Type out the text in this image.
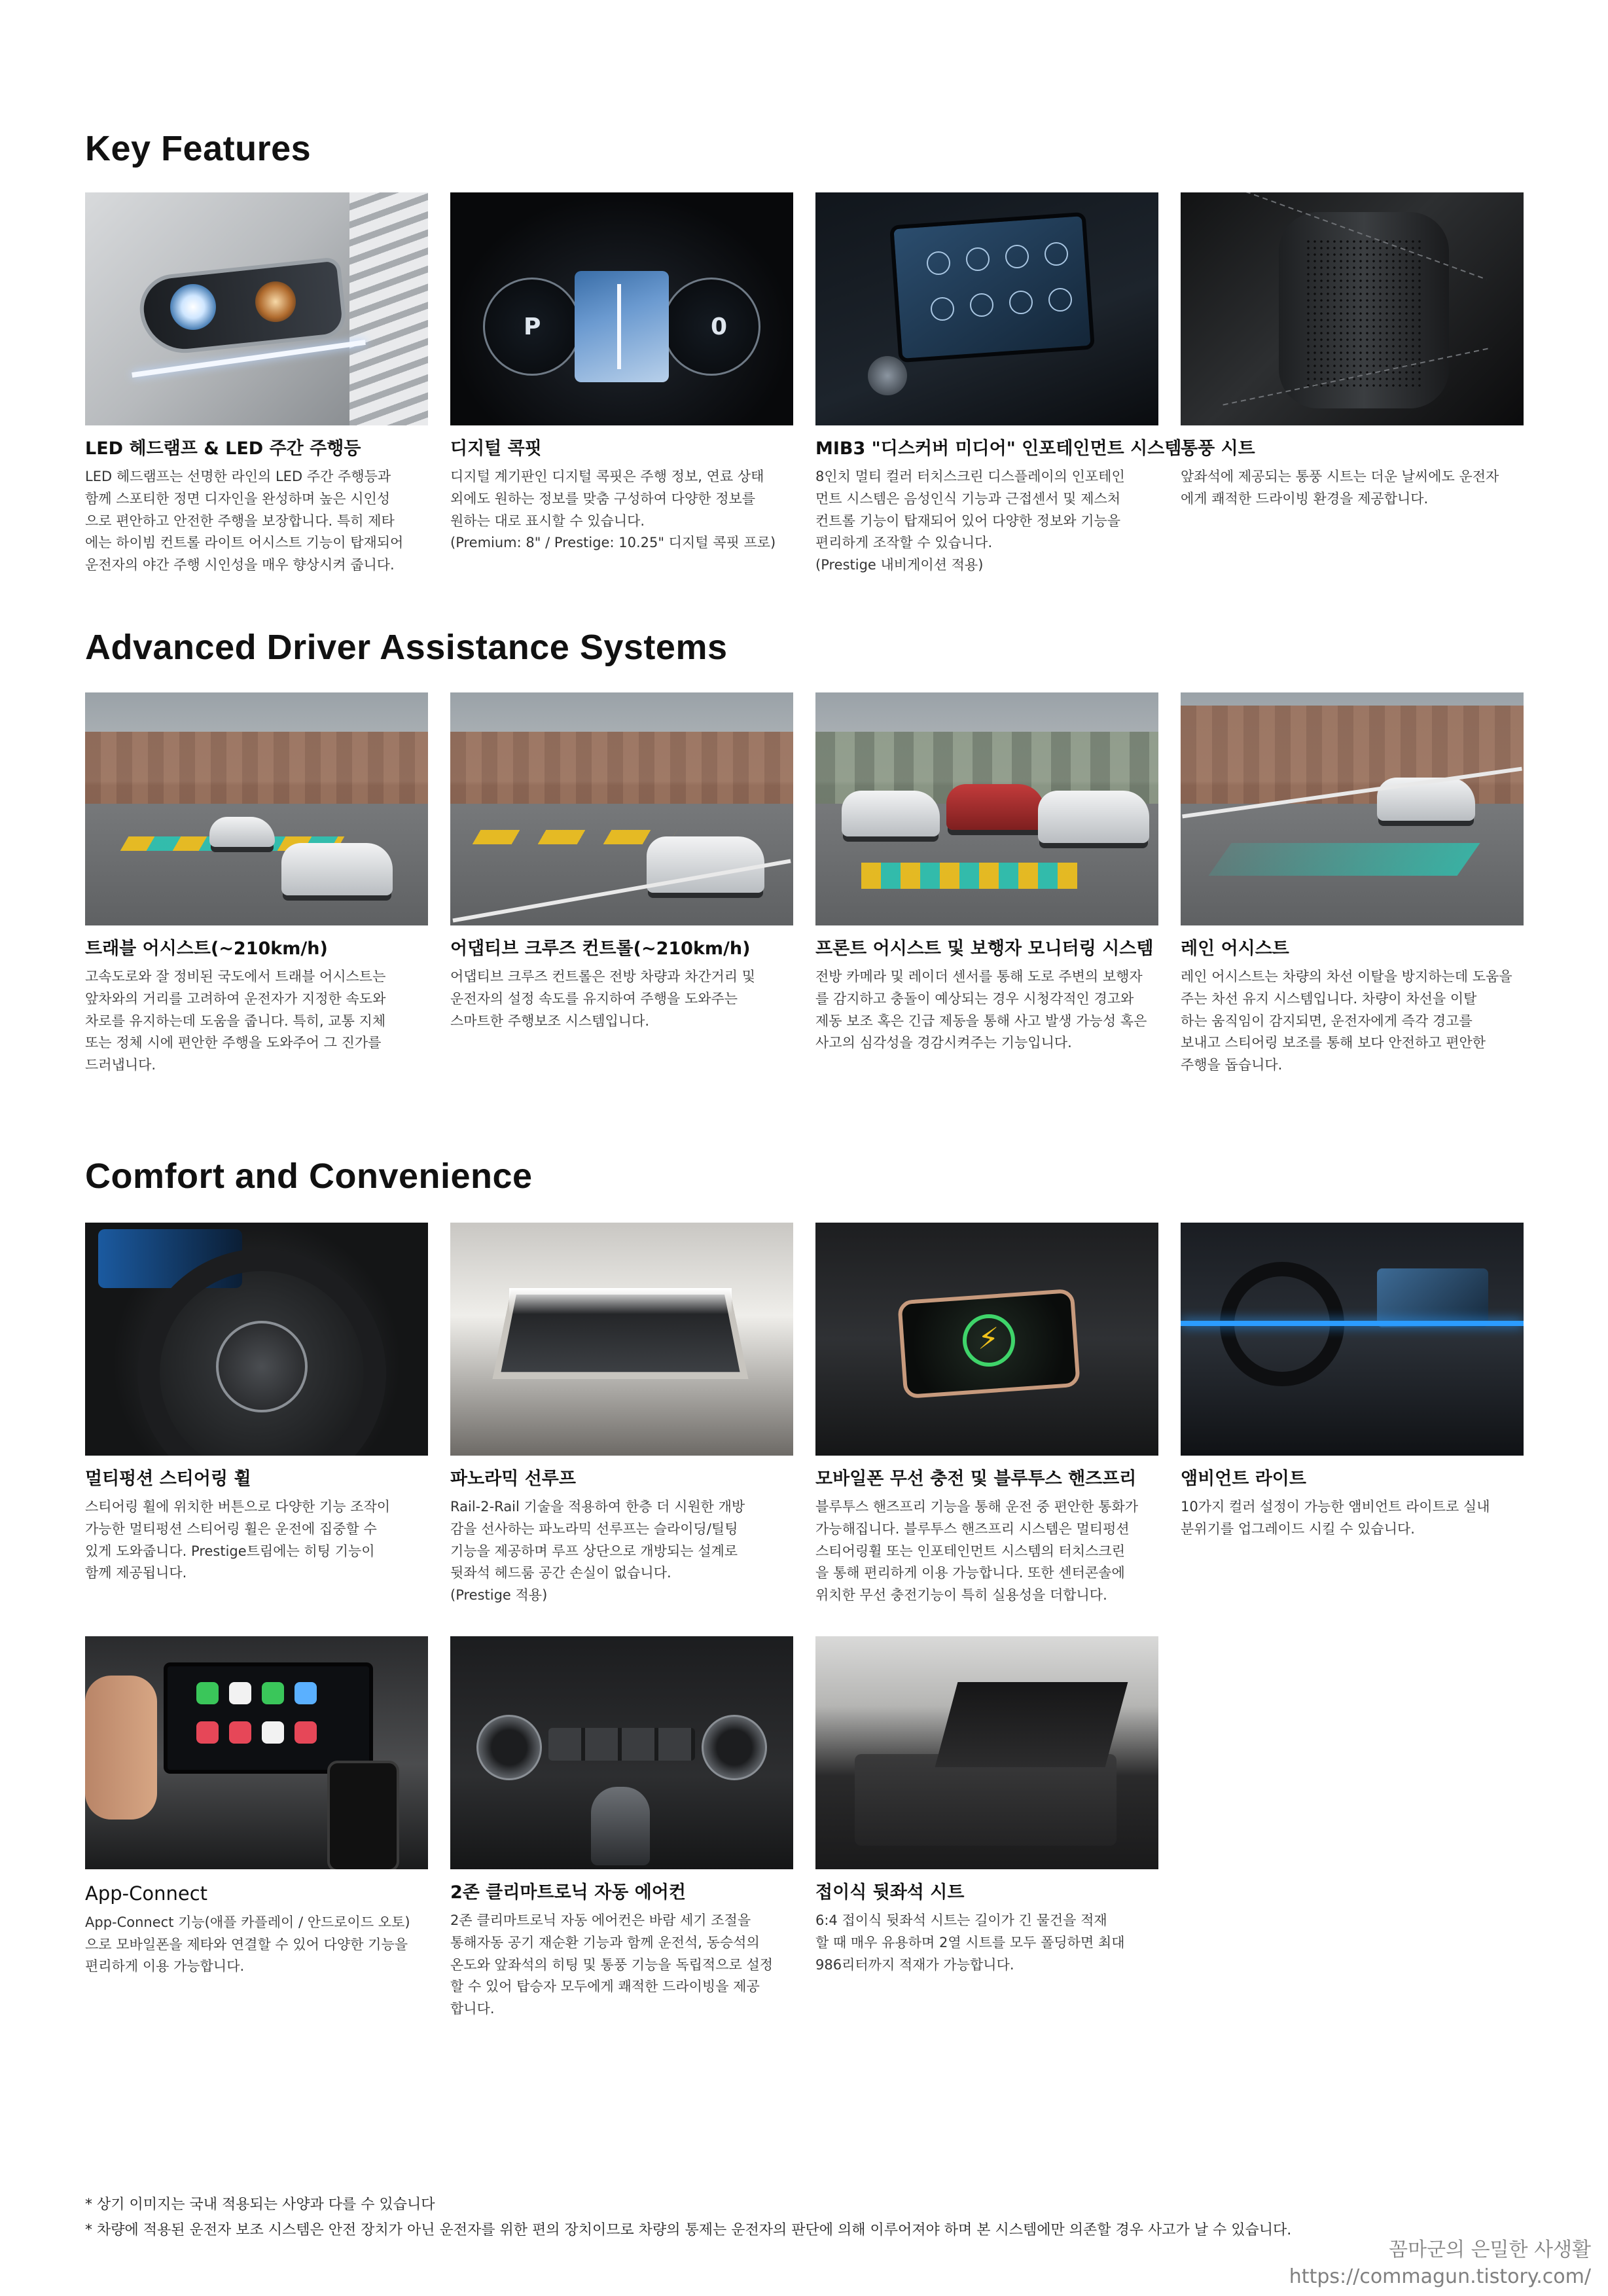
Key Features
Advanced Driver Assistance Systems
Comfort and Convenience
LED 헤드램프 & LED 주간 주행등
LED 헤드램프는 선명한 라인의 LED 주간 주행등과
함께 스포티한 정면 디자인을 완성하며 높은 시인성
으로 편안하고 안전한 주행을 보장합니다. 특히 제타
에는 하이빔 컨트롤 라이트 어시스트 기능이 탑재되어
운전자의 야간 주행 시인성을 매우 향상시켜 줍니다.
P	0
디지털 콕핏
디지털 계기판인 디지털 콕핏은 주행 정보, 연료 상태
외에도 원하는 정보를 맞춤 구성하여 다양한 정보를
원하는 대로 표시할 수 있습니다.
(Premium: 8" / Prestige: 10.25" 디지털 콕핏 프로)
MIB3 "디스커버 미디어" 인포테인먼트 시스템
8인치 멀티 컬러 터치스크린 디스플레이의 인포테인
먼트 시스템은 음성인식 기능과 근접센서 및 제스처
컨트롤 기능이 탑재되어 있어 다양한 정보와 기능을
편리하게 조작할 수 있습니다.
(Prestige 내비게이션 적용)
통풍 시트
앞좌석에 제공되는 통풍 시트는 더운 날씨에도 운전자
에게 쾌적한 드라이빙 환경을 제공합니다.
트래블 어시스트(~210km/h)
고속도로와 잘 정비된 국도에서 트래블 어시스트는
앞차와의 거리를 고려하여 운전자가 지정한 속도와
차로를 유지하는데 도움을 줍니다. 특히, 교통 지체
또는 정체 시에 편안한 주행을 도와주어 그 진가를
드러냅니다.
어댑티브 크루즈 컨트롤(~210km/h)
어댑티브 크루즈 컨트롤은 전방 차량과 차간거리 및
운전자의 설정 속도를 유지하여 주행을 도와주는
스마트한 주행보조 시스템입니다.
프론트 어시스트 및 보행자 모니터링 시스템
전방 카메라 및 레이더 센서를 통해 도로 주변의 보행자
를 감지하고 충돌이 예상되는 경우 시청각적인 경고와
제동 보조 혹은 긴급 제동을 통해 사고 발생 가능성 혹은
사고의 심각성을 경감시켜주는 기능입니다.
레인 어시스트
레인 어시스트는 차량의 차선 이탈을 방지하는데 도움을
주는 차선 유지 시스템입니다. 차량이 차선을 이탈
하는 움직임이 감지되면, 운전자에게 즉각 경고를
보내고 스티어링 보조를 통해 보다 안전하고 편안한
주행을 돕습니다.
멀티펑션 스티어링 휠
스티어링 휠에 위치한 버튼으로 다양한 기능 조작이
가능한 멀티펑션 스티어링 휠은 운전에 집중할 수
있게 도와줍니다. Prestige트림에는 히팅 기능이
함께 제공됩니다.
파노라믹 선루프
Rail-2-Rail 기술을 적용하여 한층 더 시원한 개방
감을 선사하는 파노라믹 선루프는 슬라이딩/틸팅
기능을 제공하며 루프 상단으로 개방되는 설계로
뒷좌석 헤드룸 공간 손실이 없습니다.
(Prestige 적용)
⚡
모바일폰 무선 충전 및 블루투스 핸즈프리
블루투스 핸즈프리 기능을 통해 운전 중 편안한 통화가
가능해집니다. 블루투스 핸즈프리 시스템은 멀티펑션
스티어링휠 또는 인포테인먼트 시스템의 터치스크린
을 통해 편리하게 이용 가능합니다. 또한 센터콘솔에
위치한 무선 충전기능이 특히 실용성을 더합니다.
앰비언트 라이트
10가지 컬러 설정이 가능한 앰비언트 라이트로 실내
분위기를 업그레이드 시킬 수 있습니다.
App-Connect
App-Connect 기능(애플 카플레이 / 안드로이드 오토)
으로 모바일폰을 제타와 연결할 수 있어 다양한 기능을
편리하게 이용 가능합니다.
2존 클리마트로닉 자동 에어컨
2존 클리마트로닉 자동 에어컨은 바람 세기 조절을
통해자동 공기 재순환 기능과 함께 운전석, 동승석의
온도와 앞좌석의 히팅 및 통풍 기능을 독립적으로 설정
할 수 있어 탑승자 모두에게 쾌적한 드라이빙을 제공
합니다.
접이식 뒷좌석 시트
6:4 접이식 뒷좌석 시트는 길이가 긴 물건을 적재
할 때 매우 유용하며 2열 시트를 모두 폴딩하면 최대
986리터까지 적재가 가능합니다.
* 상기 이미지는 국내 적용되는 사양과 다를 수 있습니다
* 차량에 적용된 운전자 보조 시스템은 안전 장치가 아닌 운전자를 위한 편의 장치이므로 차량의 통제는 운전자의 판단에 의해 이루어져야 하며 본 시스템에만 의존할 경우 사고가 날 수 있습니다.
꼼마군의 은밀한 사생활
https://commagun.tistory.com/
